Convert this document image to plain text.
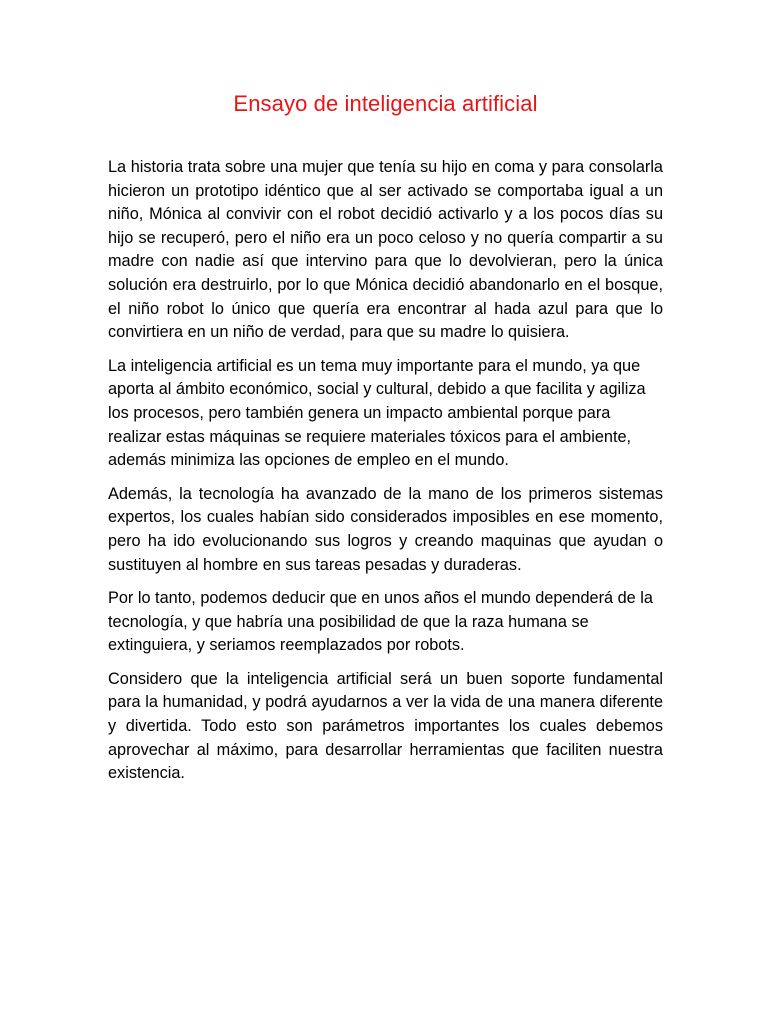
Ensayo de inteligencia artificial

La historia trata sobre una mujer que tenía su hijo en coma y para consolarla hicieron un prototipo idéntico que al ser activado se comportaba igual a un niño, Mónica al convivir con el robot decidió activarlo y a los pocos días su hijo se recuperó, pero el niño era un poco celoso y no quería compartir a su madre con nadie así que intervino para que lo devolvieran, pero la única solución era destruirlo, por lo que Mónica decidió abandonarlo en el bosque, el niño robot lo único que quería era encontrar al hada azul para que lo convirtiera en un niño de verdad, para que su madre lo quisiera.

La inteligencia artificial es un tema muy importante para el mundo, ya que aporta al ámbito económico, social y cultural, debido a que facilita y agiliza los procesos, pero también genera un impacto ambiental porque para realizar estas máquinas se requiere materiales tóxicos para el ambiente, además minimiza las opciones de empleo en el mundo.

Además, la tecnología ha avanzado de la mano de los primeros sistemas expertos, los cuales habían sido considerados imposibles en ese momento, pero ha ido evolucionando sus logros y creando maquinas que ayudan o sustituyen al hombre en sus tareas pesadas y duraderas.

Por lo tanto, podemos deducir que en unos años el mundo dependerá de la tecnología, y que habría una posibilidad de que la raza humana se extinguiera, y seriamos reemplazados por robots.

Considero que la inteligencia artificial será un buen soporte fundamental para la humanidad, y podrá ayudarnos a ver la vida de una manera diferente y divertida. Todo esto son parámetros importantes los cuales debemos aprovechar al máximo, para desarrollar herramientas que faciliten nuestra existencia.
